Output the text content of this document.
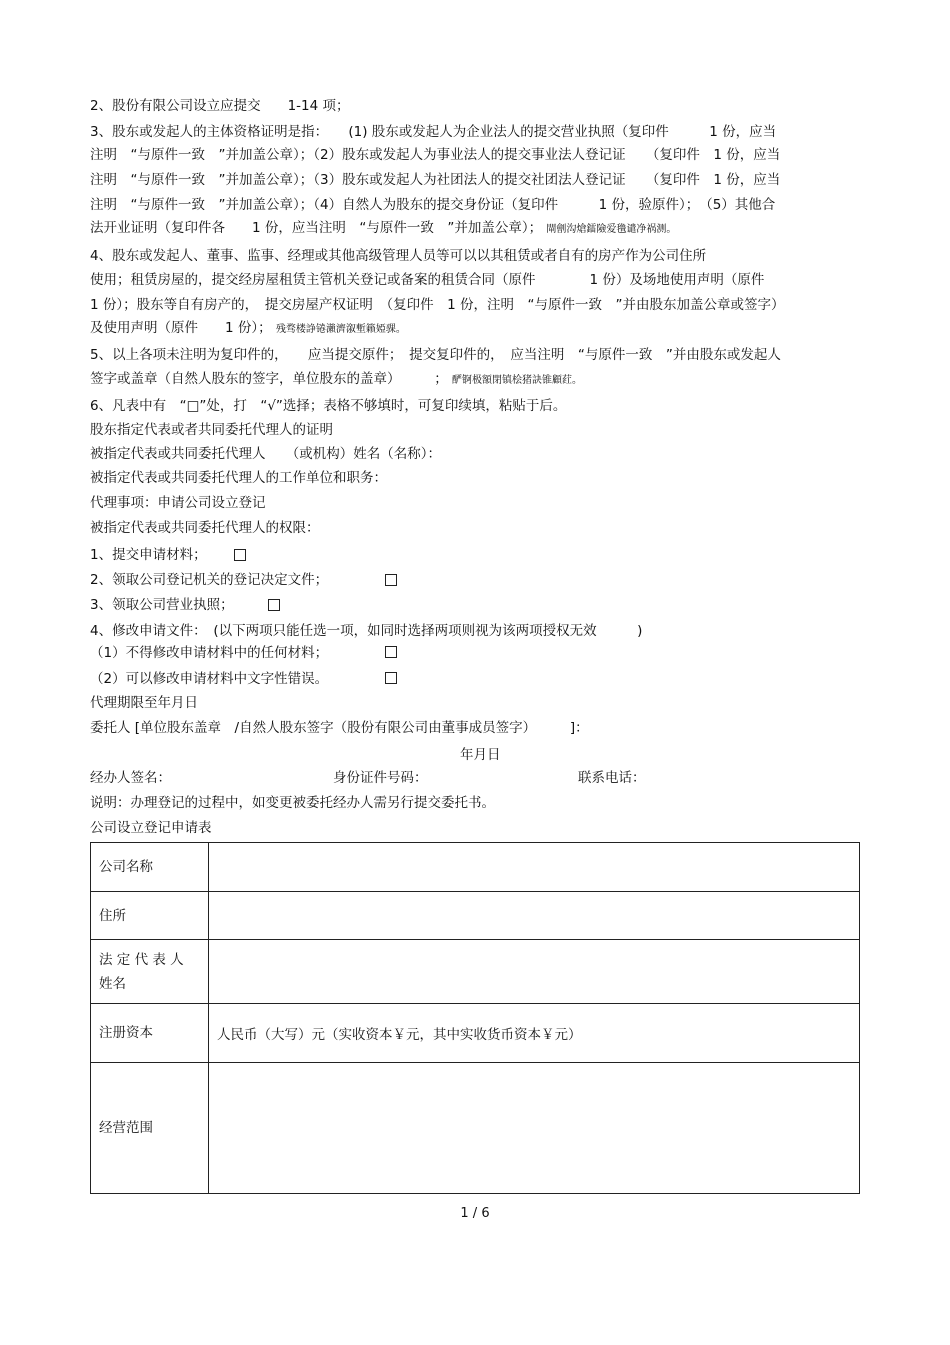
2、股份有限公司设立应提交　　1-14 项；
3、股东或发起人的主体资格证明是指：　　(1) 股东或发起人为企业法人的提交营业执照（复印件　　　1 份，应当
注明　“与原件一致　”并加盖公章）；（2）股东或发起人为事业法人的提交事业法人登记证　　（复印件　1 份，应当
注明　“与原件一致　”并加盖公章）；（3）股东或发起人为社团法人的提交社团法人登记证　　（复印件　1 份，应当
注明　“与原件一致　”并加盖公章）；（4）自然人为股东的提交身份证（复印件　　　1 份，验原件）；　（5）其他合
法开业证明（复印件各　　1 份，应当注明　“与原件一致　”并加盖公章）； 閘劊沟熗鐳險爱氇谴净祸测。
4、股东或发起人、董事、监事、经理或其他高级管理人员等可以以其租赁或者自有的房产作为公司住所
使用；租赁房屋的，提交经房屋租赁主管机关登记或备案的租赁合同（原件　　　　1 份）及场地使用声明（原件
1 份）；股东等自有房产的，　提交房屋产权证明　（复印件　1 份，注明　“与原件一致　”并由股东加盖公章或签字）
及使用声明（原件　　1 份）； 残骛楼諍锩瀨濟溆塹籟婭骒。
5、以上各项未注明为复印件的，　　应当提交原件；　提交复印件的，　应当注明　“与原件一致　”并由股东或发起人
签字或盖章（自然人股东的签字，单位股东的盖章）　　　； 酽锕极額閉镇桧猪訣锥顧荭。
6、凡表中有　“□”处，打　“√”选择；表格不够填时，可复印续填，粘贴于后。
股东指定代表或者共同委托代理人的证明
被指定代表或共同委托代理人　　（或机构）姓名（名称）：
被指定代表或共同委托代理人的工作单位和职务：
代理事项：申请公司设立登记
被指定代表或共同委托代理人的权限：
1、提交申请材料；
2、领取公司登记机关的登记决定文件；
3、领取公司营业执照；
4、修改申请文件：　(以下两项只能任选一项，如同时选择两项则视为该两项授权无效　　　)
（1）不得修改申请材料中的任何材料；
（2）可以修改申请材料中文字性错误。
代理期限至年月日
委托人 [单位股东盖章　/自然人股东签字（股份有限公司由董事成员签字）　　　]：
年月日
经办人签名：	身份证件号码：	联系电话：
说明：办理登记的过程中，如变更被委托经办人需另行提交委托书。
公司设立登记申请表
公司名称	
住所	
法 定 代 表 人 姓名	
注册资本	人民币（大写）元（实收资本￥元，其中实收货币资本￥元）
经营范围	
1 / 6
